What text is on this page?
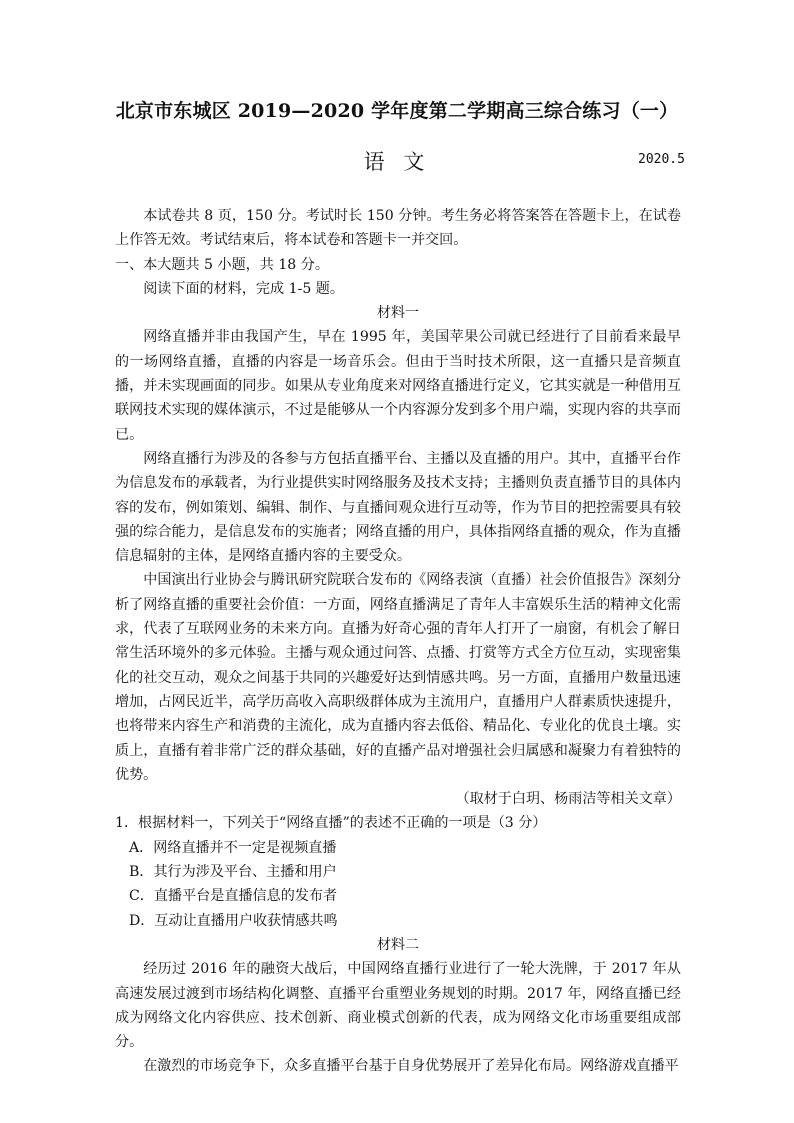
北京市东城区 2019—2020 学年度第二学期高三综合练习（一）
语 文	2020.5

本试卷共 8 页，150 分。考试时长 150 分钟。考生务必将答案答在答题卡上，在试卷上作答无效。考试结束后，将本试卷和答题卡一并交回。

一、本大题共 5 小题，共 18 分。

阅读下面的材料，完成 1-5 题。

材料一

网络直播并非由我国产生，早在 1995 年，美国苹果公司就已经进行了目前看来最早的一场网络直播，直播的内容是一场音乐会。但由于当时技术所限，这一直播只是音频直播，并未实现画面的同步。如果从专业角度来对网络直播进行定义，它其实就是一种借用互联网技术实现的媒体演示，不过是能够从一个内容源分发到多个用户端，实现内容的共享而已。

网络直播行为涉及的各参与方包括直播平台、主播以及直播的用户。其中，直播平台作为信息发布的承载者，为行业提供实时网络服务及技术支持；主播则负责直播节目的具体内容的发布，例如策划、编辑、制作、与直播间观众进行互动等，作为节目的把控需要具有较强的综合能力，是信息发布的实施者；网络直播的用户，具体指网络直播的观众，作为直播信息辐射的主体，是网络直播内容的主要受众。

中国演出行业协会与腾讯研究院联合发布的《网络表演（直播）社会价值报告》深刻分析了网络直播的重要社会价值：一方面，网络直播满足了青年人丰富娱乐生活的精神文化需求，代表了互联网业务的未来方向。直播为好奇心强的青年人打开了一扇窗，有机会了解日常生活环境外的多元体验。主播与观众通过问答、点播、打赏等方式全方位互动，实现密集化的社交互动，观众之间基于共同的兴趣爱好达到情感共鸣。另一方面，直播用户数量迅速增加，占网民近半，高学历高收入高职级群体成为主流用户，直播用户人群素质快速提升，也将带来内容生产和消费的主流化，成为直播内容去低俗、精品化、专业化的优良土壤。实质上，直播有着非常广泛的群众基础，好的直播产品对增强社会归属感和凝聚力有着独特的优势。

（取材于白玥、杨雨洁等相关文章）

1．根据材料一，下列关于“网络直播”的表述不正确的一项是（3 分）

A．网络直播并不一定是视频直播

B．其行为涉及平台、主播和用户

C．直播平台是直播信息的发布者

D．互动让直播用户收获情感共鸣

材料二

经历过 2016 年的融资大战后，中国网络直播行业进行了一轮大洗牌，于 2017 年从高速发展过渡到市场结构化调整、直播平台重塑业务规划的时期。2017 年，网络直播已经成为网络文化内容供应、技术创新、商业模式创新的代表，成为网络文化市场重要组成部分。

在激烈的市场竞争下，众多直播平台基于自身优势展开了差异化布局。网络游戏直播平
